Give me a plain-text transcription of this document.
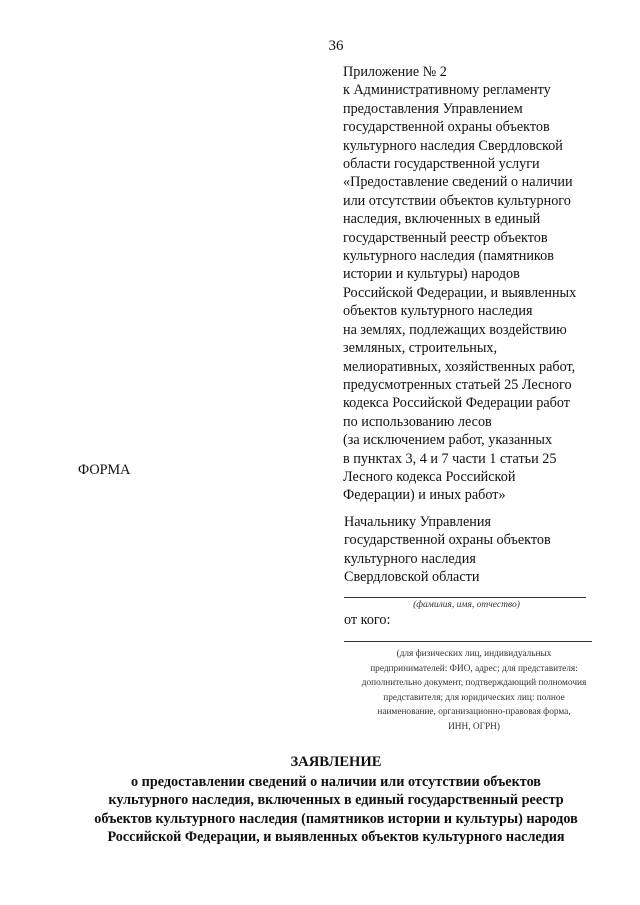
36
Приложение № 2
к Административному регламенту
предоставления Управлением
государственной охраны объектов
культурного наследия Свердловской
области государственной услуги
«Предоставление сведений о наличии
или отсутствии объектов культурного
наследия, включенных в единый
государственный реестр объектов
культурного наследия (памятников
истории и культуры) народов
Российской Федерации, и выявленных
объектов культурного наследия
на землях, подлежащих воздействию
земляных, строительных,
мелиоративных, хозяйственных работ,
предусмотренных статьей 25 Лесного
кодекса Российской Федерации работ
по использованию лесов
(за исключением работ, указанных
в пунктах 3, 4 и 7 части 1 статьи 25
Лесного кодекса Российской
Федерации) и иных работ»
ФОРМА
Начальнику Управления
государственной охраны объектов
культурного наследия
Свердловской области
(фамилия, имя, отчество)
от кого:
(для физических лиц, индивидуальных
предпринимателей: ФИО, адрес; для представителя:
дополнительно документ, подтверждающий полномочия
представителя; для юридических лиц: полное
наименование, организационно-правовая форма,
ИНН, ОГРН)
ЗАЯВЛЕНИЕ
о предоставлении сведений о наличии или отсутствии объектов
культурного наследия, включенных в единый государственный реестр
объектов культурного наследия (памятников истории и культуры) народов
Российской Федерации, и выявленных объектов культурного наследия
